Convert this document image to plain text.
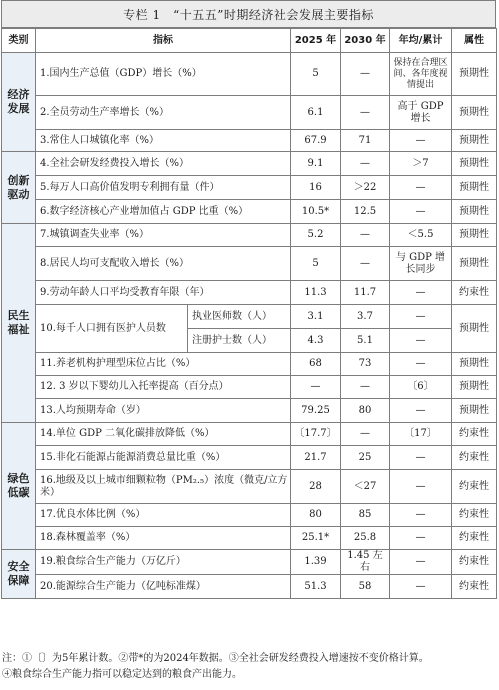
专栏 1　“十五五”时期经济社会发展主要指标
类别	指标		2025 年	2030 年	年均/累计	属性
经济
发展	1.国内生产总值（GDP）增长（%）		5	—	保持在合理区间、各年度视情提出	预期性
	2.全员劳动生产率增长（%）		6.1	—	高于 GDP 增长	预期性
	3.常住人口城镇化率（%）		67.9	71	—	预期性
创新
驱动	4.全社会研发经费投入增长（%）		9.1	—	＞7	预期性
	5.每万人口高价值发明专利拥有量（件）		16	＞22	—	预期性
	6.数字经济核心产业增加值占 GDP 比重（%）		10.5*	12.5	—	预期性
民生
福祉	7.城镇调查失业率（%）		5.2	—	＜5.5	预期性
	8.居民人均可支配收入增长（%）		5	—	与 GDP 增长同步	预期性
	9.劳动年龄人口平均受教育年限（年）		11.3	11.7	—	约束性
	10.每千人口拥有医护人员数	执业医师数（人）	3.1	3.7	—	预期性
		注册护士数（人）	4.3	5.1	—	
	11.养老机构护理型床位占比（%）		68	73	—	预期性
	12. 3 岁以下婴幼儿入托率提高（百分点）		—	—	〔6〕	预期性
	13.人均预期寿命（岁）		79.25	80	—	预期性
绿色
低碳	14.单位 GDP 二氧化碳排放降低（%）		〔17.7〕	—	〔17〕	约束性
	15.非化石能源占能源消费总量比重（%）		21.7	25	—	约束性
	16.地级及以上城市细颗粒物（PM₂.₅）浓度（微克/立方米）		28	＜27	—	约束性
	17.优良水体比例（%）		80	85	—	约束性
	18.森林覆盖率（%）		25.1*	25.8	—	约束性
安全
保障	19.粮食综合生产能力（万亿斤）		1.39	1.45 左右	—	约束性
	20.能源综合生产能力（亿吨标准煤）		51.3	58	—	约束性
注：①〔〕为5年累计数。②带*的为2024年数据。③全社会研发经费投入增速按不变价格计算。
④粮食综合生产能力指可以稳定达到的粮食产出能力。
